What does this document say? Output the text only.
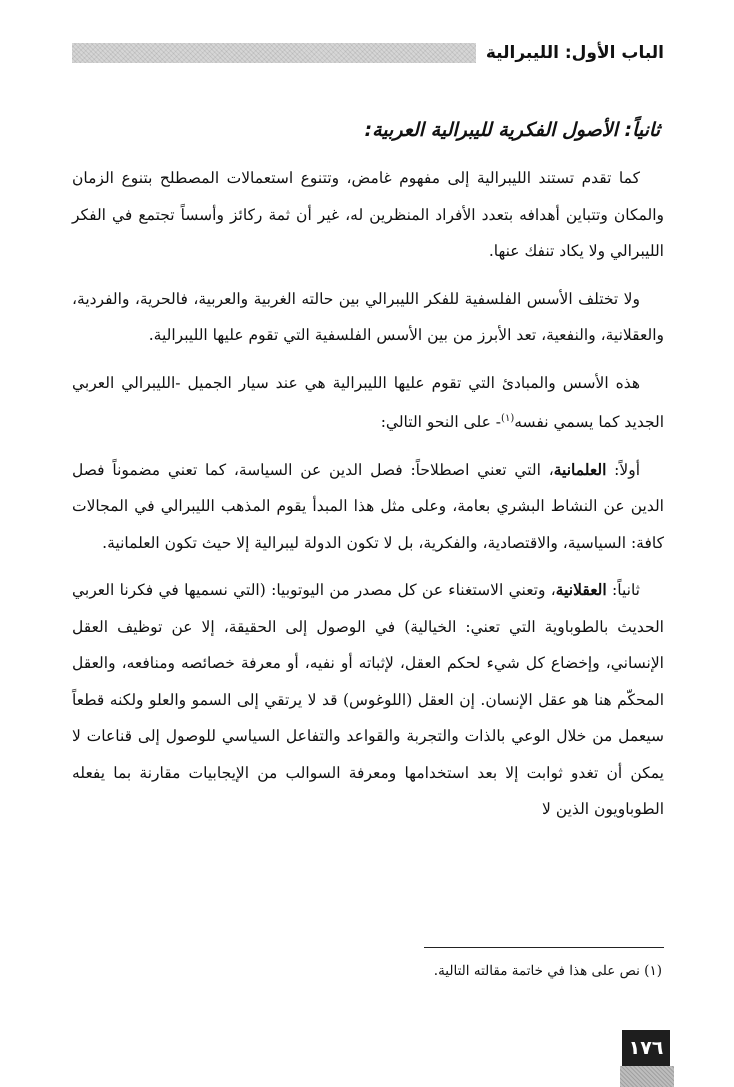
الباب الأول: الليبرالية
ثانياً: الأصول الفكرية لليبرالية العربية:

كما تقدم تستند الليبرالية إلى مفهوم غامض، وتتنوع استعمالات المصطلح بتنوع الزمان والمكان وتتباين أهدافه بتعدد الأفراد المنظرين له، غير أن ثمة ركائز وأسساً تجتمع في الفكر الليبرالي ولا يكاد تنفك عنها.

ولا تختلف الأسس الفلسفية للفكر الليبرالي بين حالته الغربية والعربية، فالحرية، والفردية، والعقلانية، والنفعية، تعد الأبرز من بين الأسس الفلسفية التي تقوم عليها الليبرالية.

هذه الأسس والمبادئ التي تقوم عليها الليبرالية هي عند سيار الجميل -الليبرالي العربي الجديد كما يسمي نفسه$^{(١)}$- على النحو التالي:

أولاً: العلمانية، التي تعني اصطلاحاً: فصل الدين عن السياسة، كما تعني مضموناً فصل الدين عن النشاط البشري بعامة، وعلى مثل هذا المبدأ يقوم المذهب الليبرالي في المجالات كافة: السياسية، والاقتصادية، والفكرية، بل لا تكون الدولة ليبرالية إلا حيث تكون العلمانية.

ثانياً: العقلانية، وتعني الاستغناء عن كل مصدر من اليوتوبيا: (التي نسميها في فكرنا العربي الحديث بالطوباوية التي تعني: الخيالية) في الوصول إلى الحقيقة، إلا عن توظيف العقل الإنساني، وإخضاع كل شيء لحكم العقل، لإثباته أو نفيه، أو معرفة خصائصه ومنافعه، والعقل المحكّم هنا هو عقل الإنسان. إن العقل (اللوغوس) قد لا يرتقي إلى السمو والعلو ولكنه قطعاً سيعمل من خلال الوعي بالذات والتجربة والقواعد والتفاعل السياسي للوصول إلى قناعات لا يمكن أن تغدو ثوابت إلا بعد استخدامها ومعرفة السوالب من الإيجابيات مقارنة بما يفعله الطوباويون الذين لا

(١) نص على هذا في خاتمة مقالته التالية.
١٧٦
